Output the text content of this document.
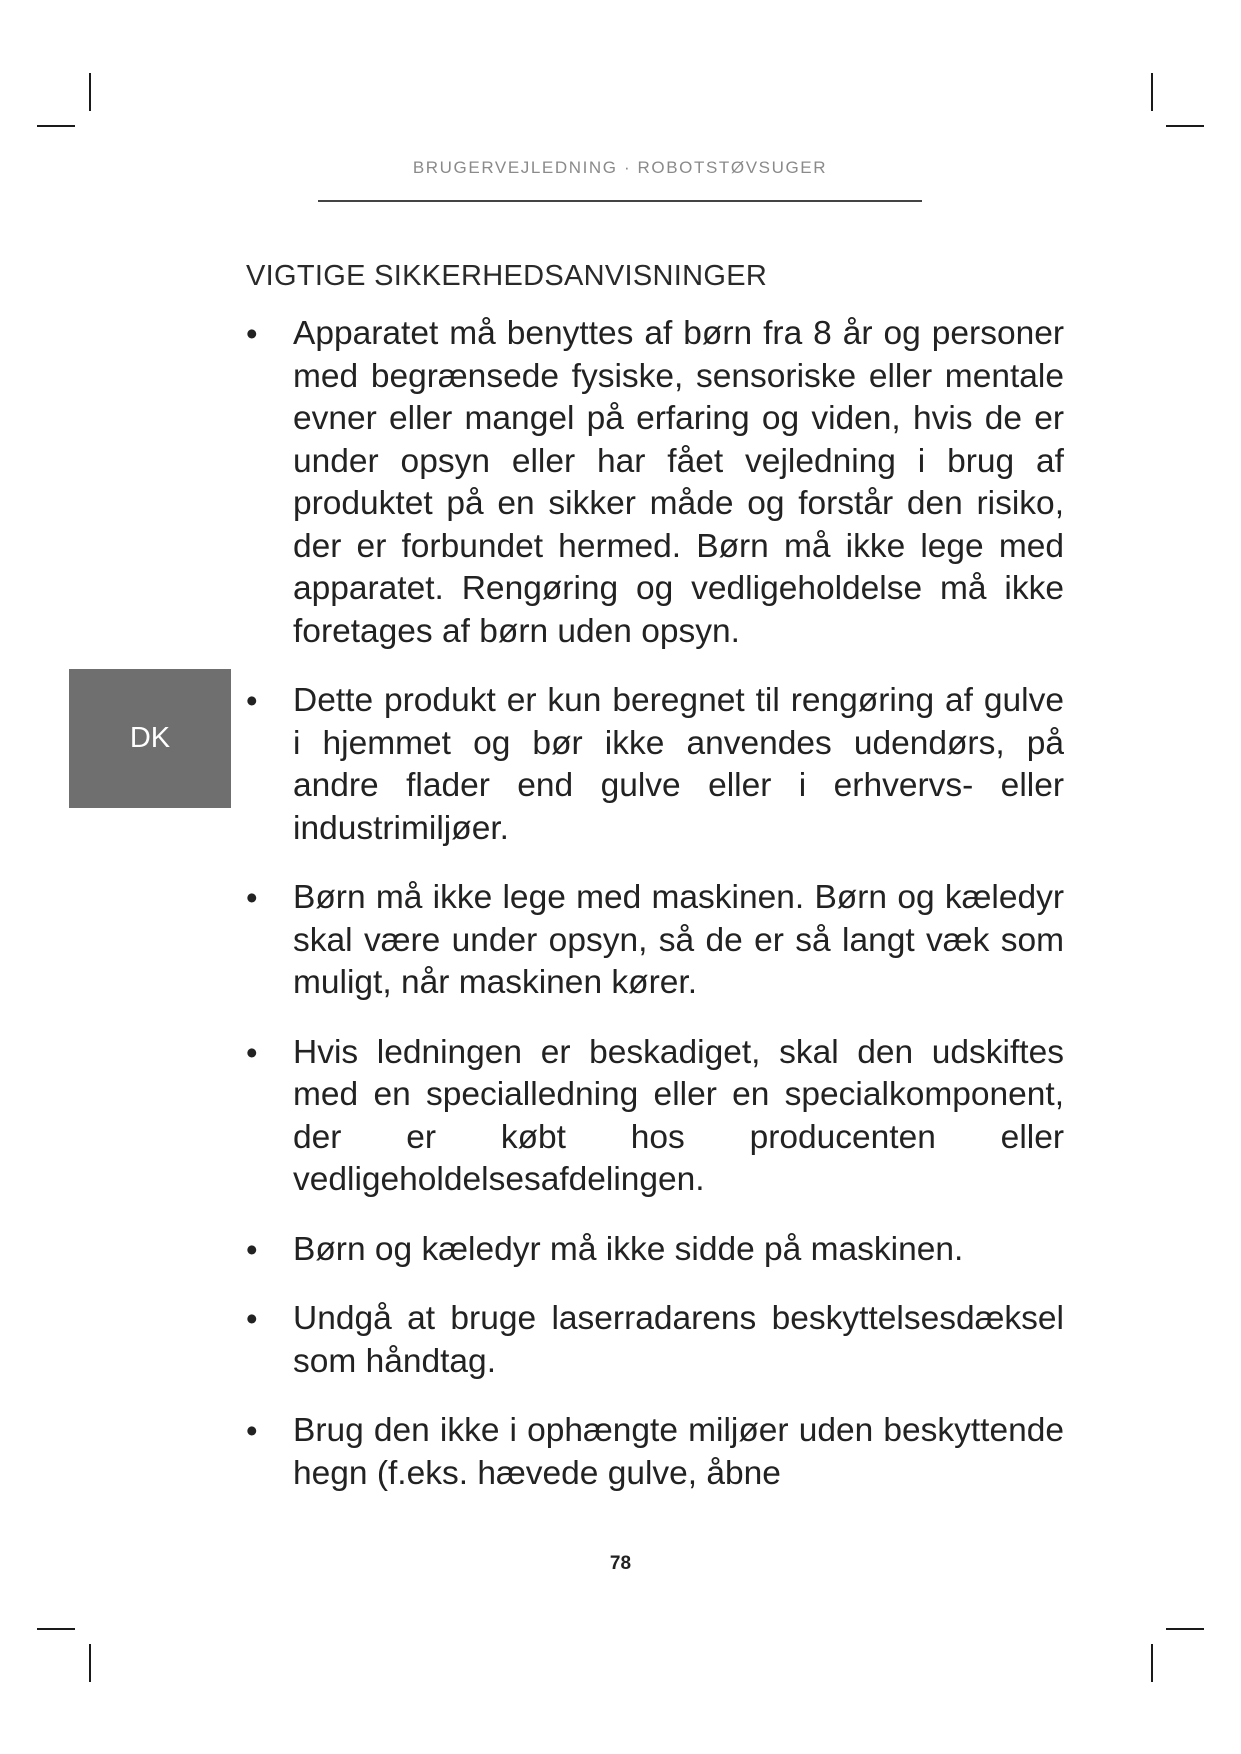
BRUGERVEJLEDNING · ROBOTSTØVSUGER
VIGTIGE SIKKERHEDSANVISNINGER
DK
• Apparatet må benyttes af børn fra 8 år og personer med begrænsede fysiske, sensoriske eller mentale evner eller mangel på erfaring og viden, hvis de er under opsyn eller har fået vejledning i brug af produktet på en sikker måde og forstår den risiko, der er forbundet hermed. Børn må ikke lege med apparatet. Rengøring og vedligeholdelse må ikke foretages af børn uden opsyn.
• Dette produkt er kun beregnet til rengøring af gulve i hjemmet og bør ikke anvendes udendørs, på andre flader end gulve eller i erhvervs- eller industrimiljøer.
• Børn må ikke lege med maskinen. Børn og kæledyr skal være under opsyn, så de er så langt væk som muligt, når maskinen kører.
• Hvis ledningen er beskadiget, skal den udskiftes med en specialledning eller en specialkomponent, der er købt hos producenten eller vedligeholdelsesafdelingen.
• Børn og kæledyr må ikke sidde på maskinen.
• Undgå at bruge laserradarens beskyttelsesdæksel som håndtag.
• Brug den ikke i ophængte miljøer uden beskyttende hegn (f.eks. hævede gulve, åbne
78
